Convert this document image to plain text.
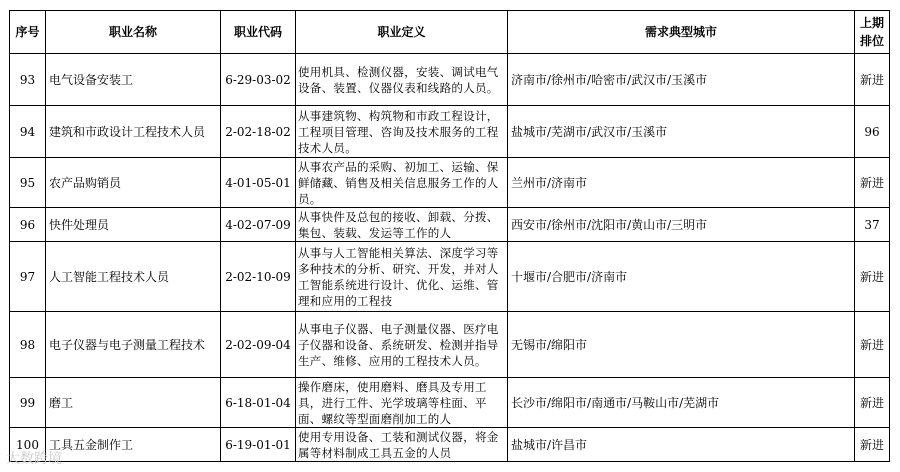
序号	职业名称	职业代码	职业定义	需求典型城市	上期排位
93	电气设备安装工	6-29-03-02	使用机具、检测仪器，安装、调试电气设备、装置、仪器仪表和线路的人员。	济南市/徐州市/哈密市/武汉市/玉溪市	新进
94	建筑和市政设计工程技术人员	2-02-18-02	从事建筑物、构筑物和市政工程设计，工程项目管理、咨询及技术服务的工程技术人员。	盐城市/芜湖市/武汉市/玉溪市	96
95	农产品购销员	4-01-05-01	从事农产品的采购、初加工、运输、保鲜储藏、销售及相关信息服务工作的人员。	兰州市/济南市	新进
96	快件处理员	4-02-07-09	从事快件及总包的接收、卸载、分拨、集包、装载、发运等工作的人	西安市/徐州市/沈阳市/黄山市/三明市	37
97	人工智能工程技术人员	2-02-10-09	从事与人工智能相关算法、深度学习等多种技术的分析、研究、开发，并对人工智能系统进行设计、优化、运维、管理和应用的工程技	十堰市/合肥市/济南市	新进
98	电子仪器与电子测量工程技术	2-02-09-04	从事电子仪器、电子测量仪器、医疗电子仪器和设备、系统研发、检测并指导生产、维修、应用的工程技术人员。	无锡市/绵阳市	新进
99	磨工	6-18-01-04	操作磨床，使用磨料、磨具及专用工具，进行工件、光学玻璃等柱面、平面、螺纹等型面磨削加工的人	长沙市/绵阳市/南通市/马鞍山市/芜湖市	新进
100	工具五金制作工	6-19-01-01	使用专用设备、工装和测试仪器，将金属等材料制成工具五金的人员	盐城市/许昌市	新进
大数跨境
